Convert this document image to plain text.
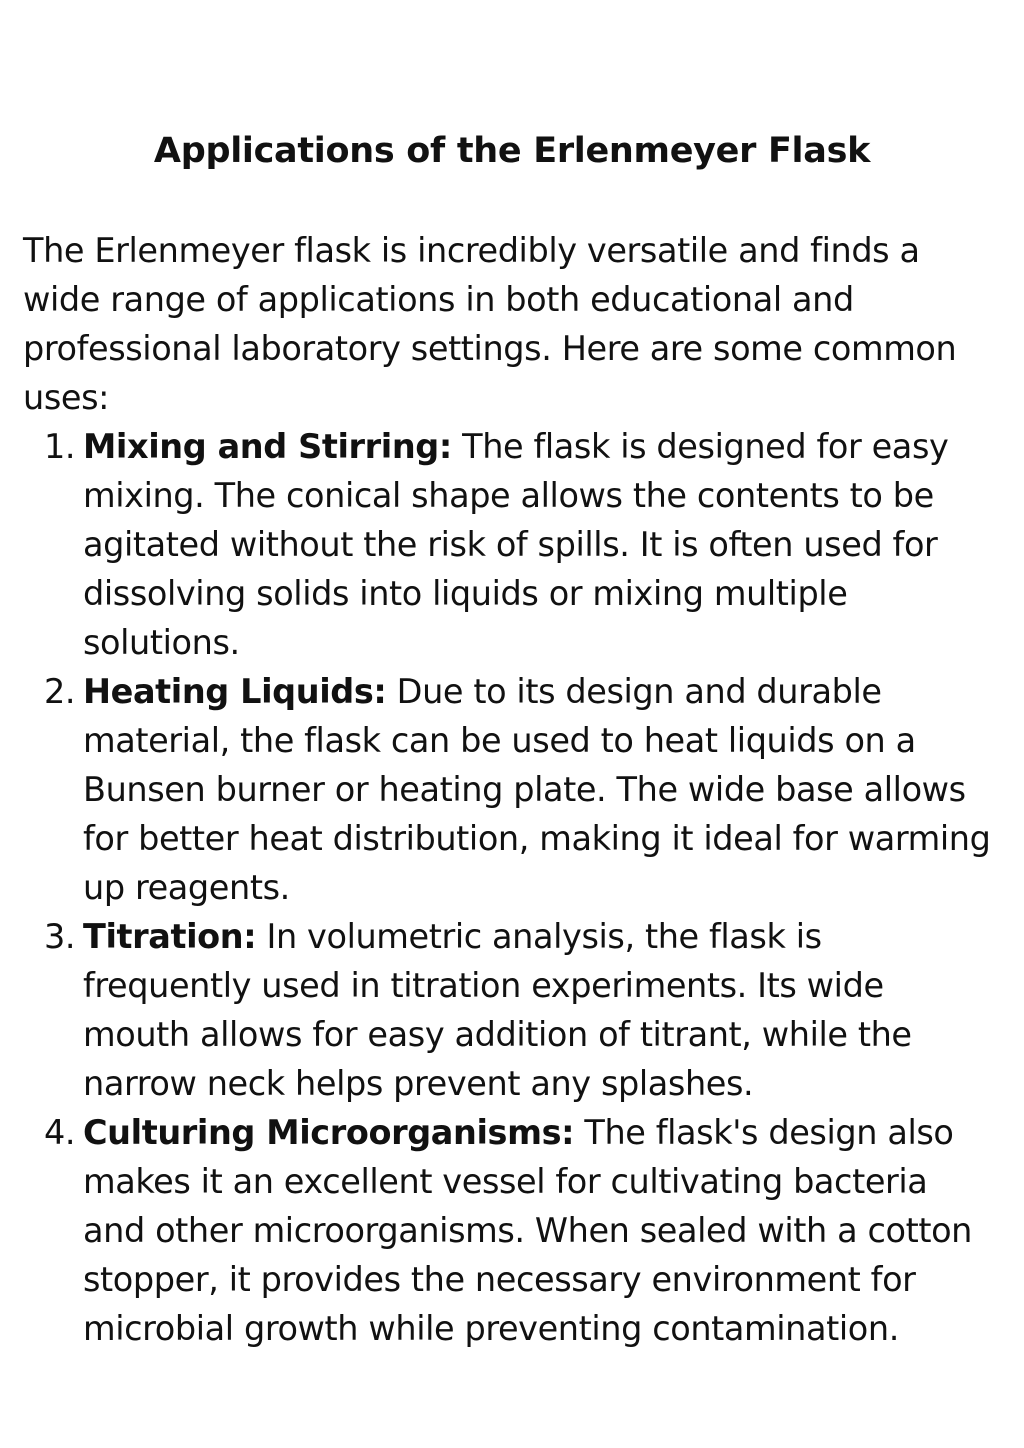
Applications of the Erlenmeyer Flask

The Erlenmeyer flask is incredibly versatile and finds a wide range of applications in both educational and professional laboratory settings. Here are some common uses:

1. Mixing and Stirring: The flask is designed for easy mixing. The conical shape allows the contents to be agitated without the risk of spills. It is often used for dissolving solids into liquids or mixing multiple solutions.
2. Heating Liquids: Due to its design and durable material, the flask can be used to heat liquids on a Bunsen burner or heating plate. The wide base allows for better heat distribution, making it ideal for warming up reagents.
3. Titration: In volumetric analysis, the flask is frequently used in titration experiments. Its wide mouth allows for easy addition of titrant, while the narrow neck helps prevent any splashes.
4. Culturing Microorganisms: The flask's design also makes it an excellent vessel for cultivating bacteria and other microorganisms. When sealed with a cotton stopper, it provides the necessary environment for microbial growth while preventing contamination.
